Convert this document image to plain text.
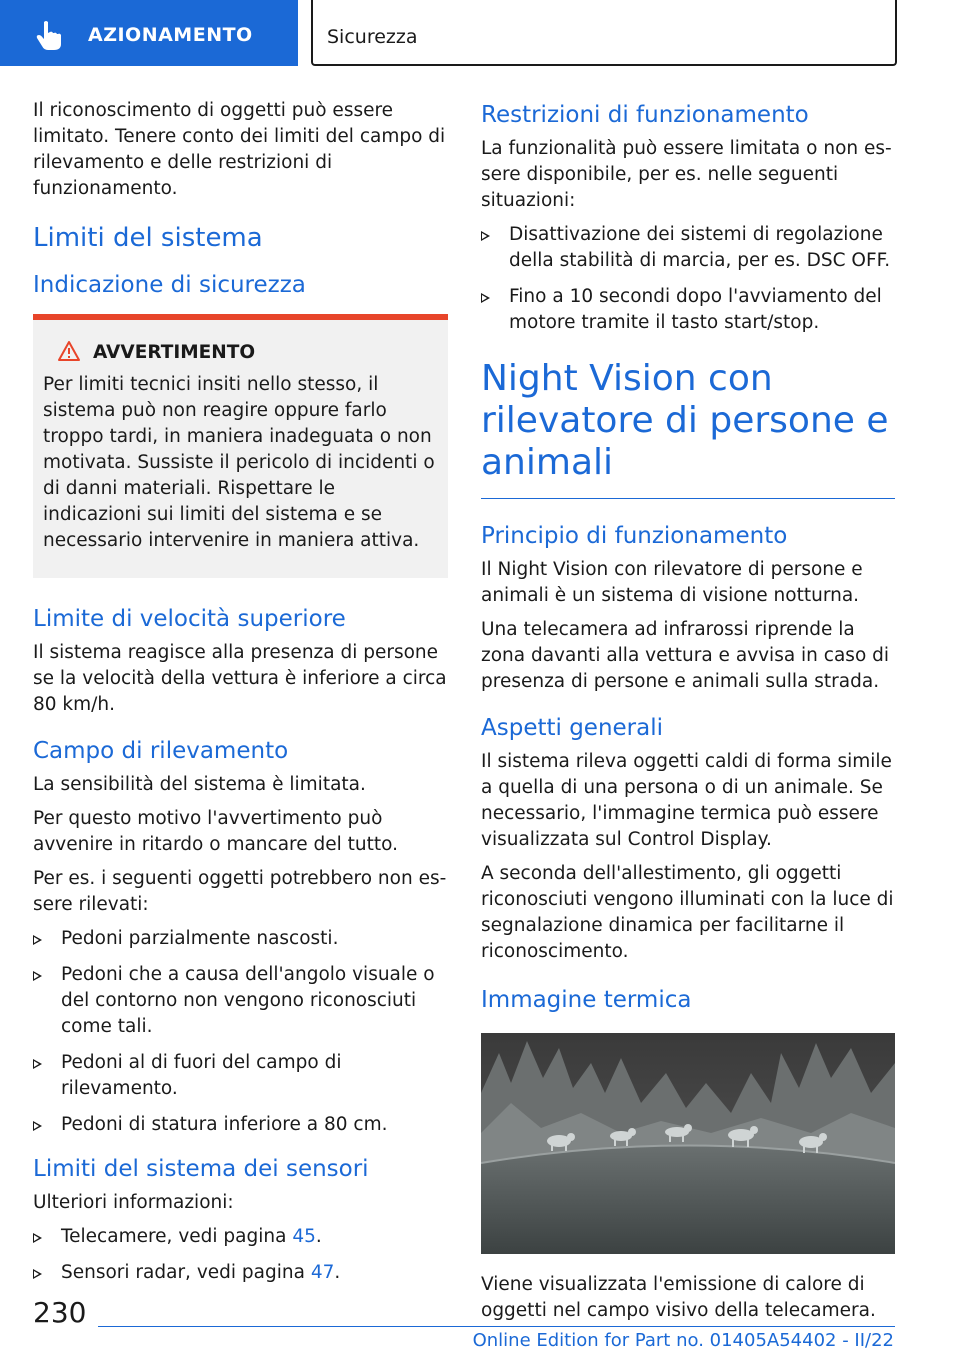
AZIONAMENTO	Sicurezza

Il riconoscimento di oggetti può essere limitato. Tenere conto dei limiti del campo di rilevamento e delle restrizioni di funzionamento.

Limiti del sistema
Indicazione di sicurezza
AVVERTIMENTO

Per limiti tecnici insiti nello stesso, il sistema può non reagire oppure farlo troppo tardi, in maniera inadeguata o non motivata. Sussiste il pericolo di incidenti o di danni materiali. Rispettare le indicazioni sui limiti del sistema e se necessario intervenire in maniera attiva.

Limite di velocità superiore

Il sistema reagisce alla presenza di persone se la velocità della vettura è inferiore a circa 80 km/h.

Campo di rilevamento

La sensibilità del sistema è limitata.

Per questo motivo l'avvertimento può avvenire in ritardo o mancare del tutto.

Per es. i seguenti oggetti potrebbero non essere rilevati:

Pedoni parzialmente nascosti.
Pedoni che a causa dell'angolo visuale o del contorno non vengono riconosciuti come tali.
Pedoni al di fuori del campo di rilevamento.
Pedoni di statura inferiore a 80 cm.
Limiti del sistema dei sensori

Ulteriori informazioni:

Telecamere, vedi pagina 45.
Sensori radar, vedi pagina 47.
Restrizioni di funzionamento

La funzionalità può essere limitata o non essere disponibile, per es. nelle seguenti situazioni:

Disattivazione dei sistemi di regolazione della stabilità di marcia, per es. DSC OFF.
Fino a 10 secondi dopo l'avviamento del motore tramite il tasto start/stop.
Night Vision con rilevatore di persone e animali
Principio di funzionamento

Il Night Vision con rilevatore di persone e animali è un sistema di visione notturna.

Una telecamera ad infrarossi riprende la zona davanti alla vettura e avvisa in caso di presenza di persone e animali sulla strada.

Aspetti generali

Il sistema rileva oggetti caldi di forma simile a quella di una persona o di un animale. Se necessario, l'immagine termica può essere visualizzata sul Control Display.

A seconda dell'allestimento, gli oggetti riconosciuti vengono illuminati con la luce di segnalazione dinamica per facilitarne il riconoscimento.

Immagine termica

Viene visualizzata l'emissione di calore di oggetti nel campo visivo della telecamera.

230
Online Edition for Part no. 01405A54402 - II/22
